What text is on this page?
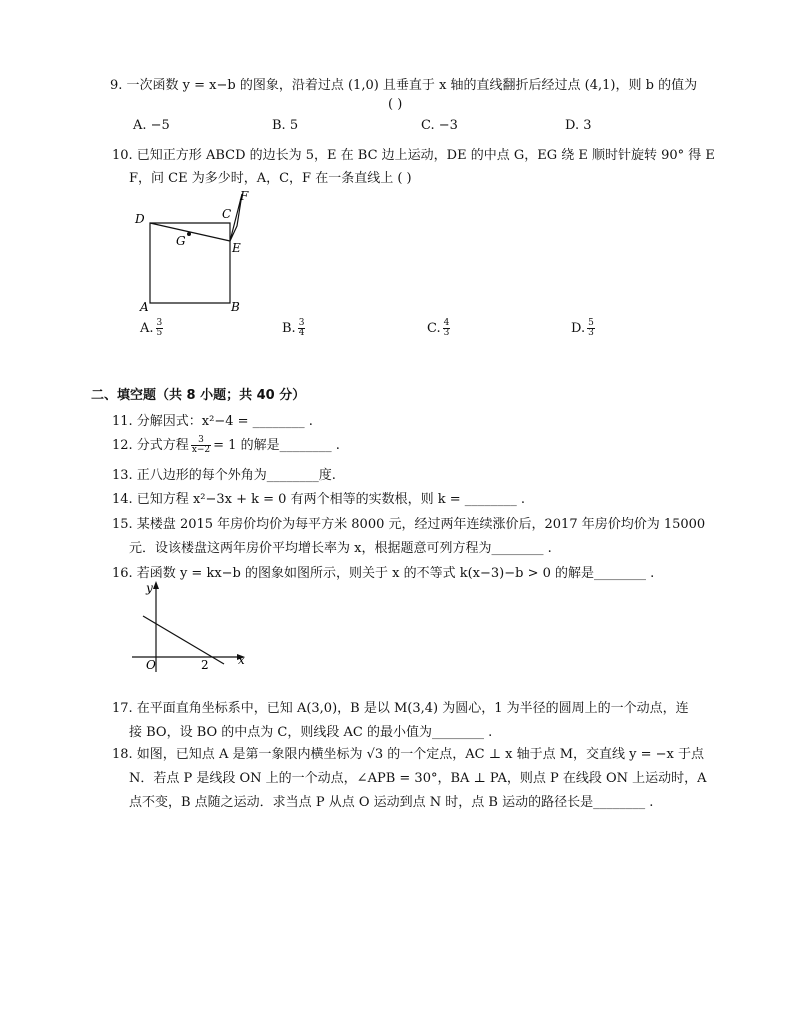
9. 一次函数 y = x−b 的图象，沿着过点 (1,0) 且垂直于 x 轴的直线翻折后经过点 (4,1)，则 b 的值为
( )
A. −5	B. 5	C. −3	D. 3
10. 已知正方形 ABCD 的边长为 5，E 在 BC 边上运动，DE 的中点 G，EG 绕 E 顺时针旋转 90° 得 E
F，问 CE 为多少时，A，C，F 在一条直线上 ( )
D	C
F
G	E
A	B
A. $\frac{3}{5}$	B. $\frac{3}{4}$	C. $\frac{4}{3}$	D. $\frac{5}{3}$
二、填空题（共 8 小题；共 40 分）
11. 分解因式：x²−4 = ________ .
12. 分式方程 $\frac{3}{x-2} = 1$ 的解是________ .
13. 正八边形的每个外角为________度.
14. 已知方程 x²−3x + k = 0 有两个相等的实数根，则 k = ________ .
15. 某楼盘 2015 年房价均价为每平方米 8000 元，经过两年连续涨价后，2017 年房价均价为 15000
元．设该楼盘这两年房价平均增长率为 x，根据题意可列方程为________ .
16. 若函数 y = kx−b 的图象如图所示，则关于 x 的不等式 k(x−3)−b > 0 的解是________ .
y
x
O	2
17. 在平面直角坐标系中，已知 A(3,0)，B 是以 M(3,4) 为圆心，1 为半径的圆周上的一个动点，连
接 BO，设 BO 的中点为 C，则线段 AC 的最小值为________ .
18. 如图，已知点 A 是第一象限内横坐标为 √3 的一个定点，AC ⊥ x 轴于点 M，交直线 y = −x 于点
N．若点 P 是线段 ON 上的一个动点，∠APB = 30°，BA ⊥ PA，则点 P 在线段 ON 上运动时，A
点不变，B 点随之运动．求当点 P 从点 O 运动到点 N 时，点 B 运动的路径长是________ .
